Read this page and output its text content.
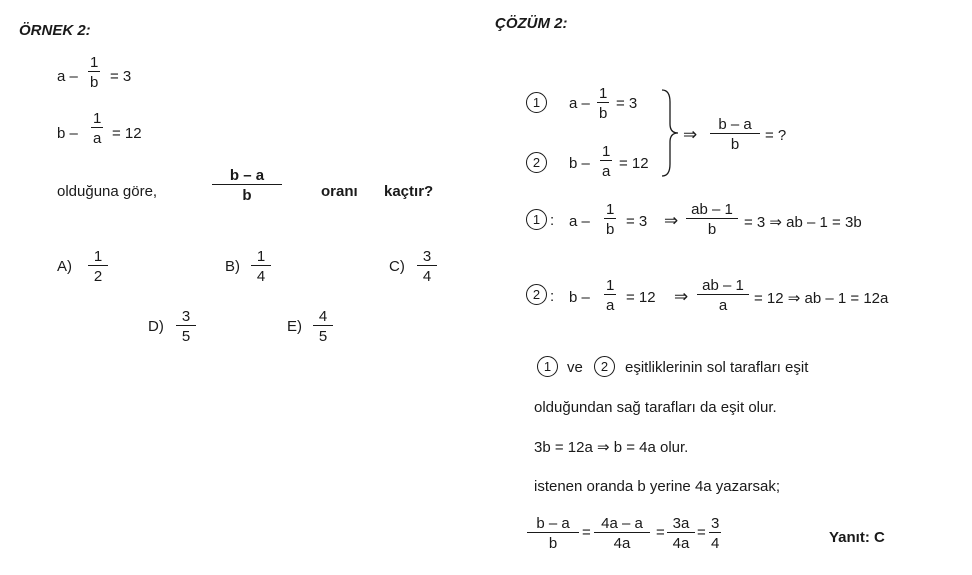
ÖRNEK 2:
a –
1
b = 3
b –
1
a = 12
olduğuna göre,
b – a
b	oranı kaçtır?
A)
1
2
B)
1
4
C)
3
4
D)
3
5
E)
4
5
ÇÖZÜM 2:
1	a –
1
b
= 3
2	b –
1
a = 12
⇒
b – a
b
= ?
1 : a –
1
b = 3 ⇒
ab – 1
b = 3 ⇒ ab – 1 = 3b
2 : b –
1
a = 12 ⇒
ab – 1
a = 12 ⇒ ab – 1 = 12a
1	ve	2	eşitliklerinin sol tarafları eşit
olduğundan sağ tarafları da eşit olur.
3b = 12a ⇒ b = 4a olur.
istenen oranda b yerine 4a yazarsak;
b – a
b
=
4a – a
4a
=
3a
4a
=
3
4	Yanıt: C
